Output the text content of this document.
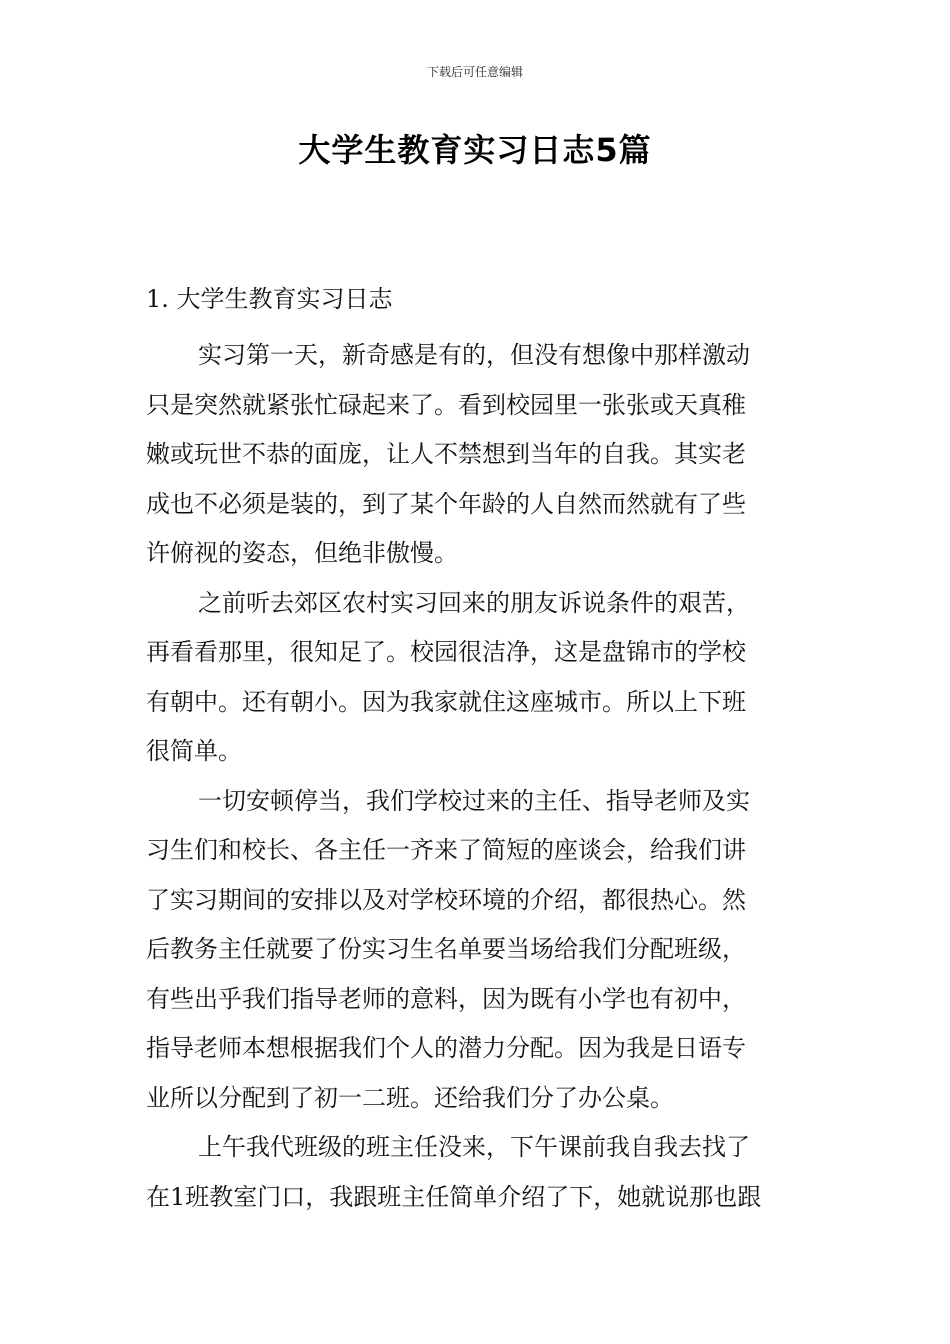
下载后可任意编辑
大学生教育实习日志5篇
1. 大学生教育实习日志
实习第一天，新奇感是有的，但没有想像中那样激动
只是突然就紧张忙碌起来了。看到校园里一张张或天真稚
嫩或玩世不恭的面庞，让人不禁想到当年的自我。其实老
成也不必须是装的，到了某个年龄的人自然而然就有了些
许俯视的姿态，但绝非傲慢。
之前听去郊区农村实习回来的朋友诉说条件的艰苦，
再看看那里，很知足了。校园很洁净，这是盘锦市的学校
有朝中。还有朝小。因为我家就住这座城市。所以上下班
很简单。
一切安顿停当，我们学校过来的主任、指导老师及实
习生们和校长、各主任一齐来了简短的座谈会，给我们讲
了实习期间的安排以及对学校环境的介绍，都很热心。然
后教务主任就要了份实习生名单要当场给我们分配班级，
有些出乎我们指导老师的意料，因为既有小学也有初中，
指导老师本想根据我们个人的潜力分配。因为我是日语专
业所以分配到了初一二班。还给我们分了办公桌。
上午我代班级的班主任没来，下午课前我自我去找了
在1班教室门口，我跟班主任简单介绍了下，她就说那也跟
